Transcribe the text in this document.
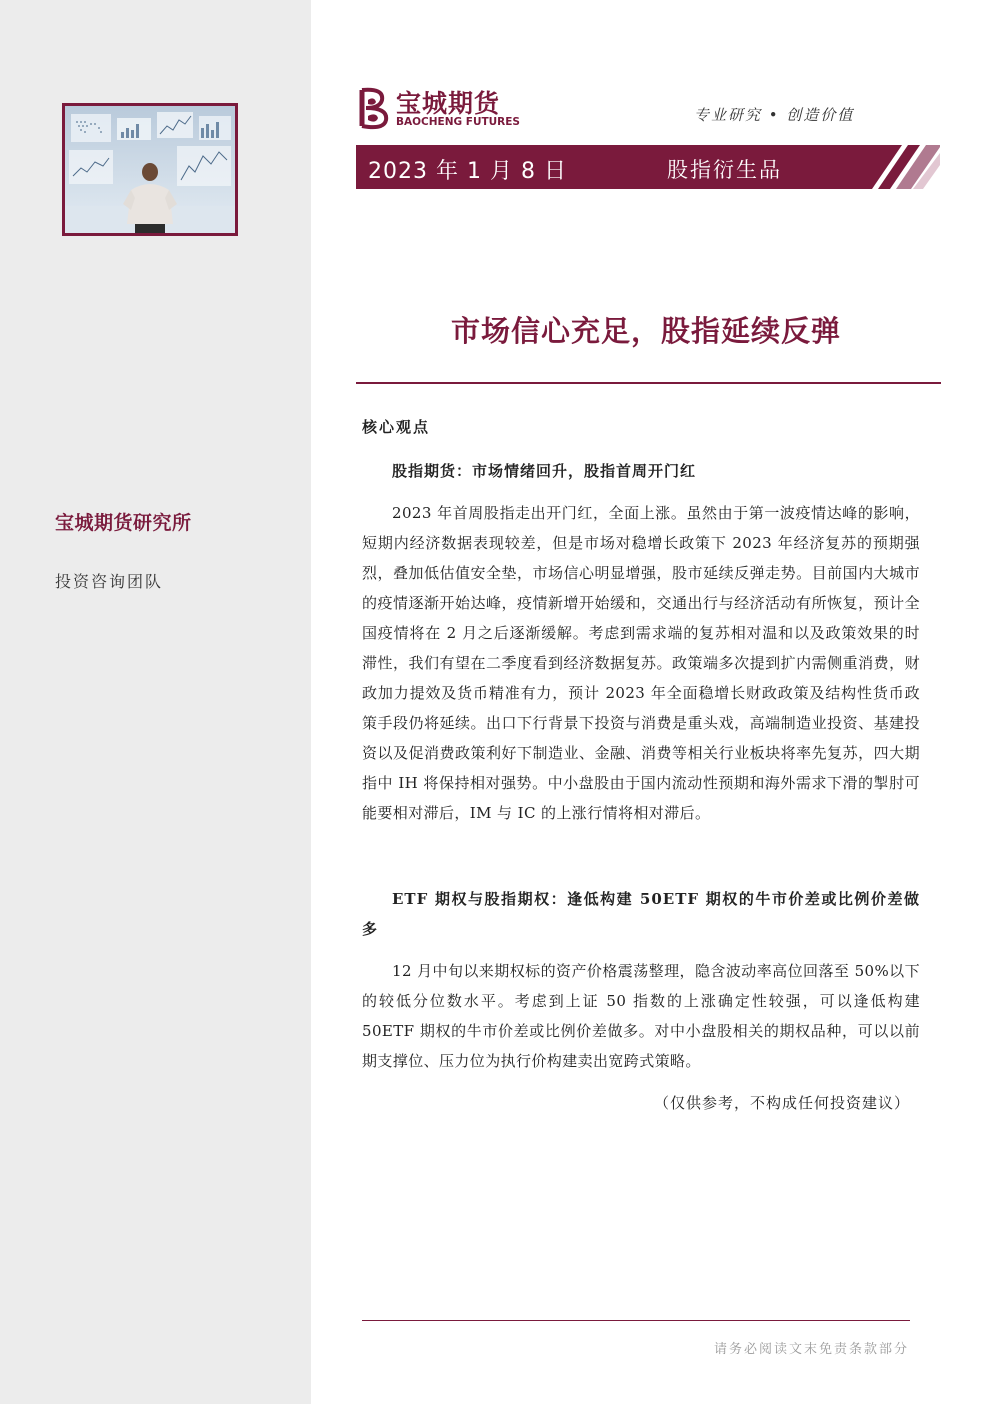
宝城期货研究所
投资咨询团队
宝城期货
BAOCHENG FUTURES	专业研究 • 创造价值
2023 年 1 月 8 日	股指衍生品
市场信心充足，股指延续反弹

核心观点

股指期货：市场情绪回升，股指首周开门红

2023 年首周股指走出开门红，全面上涨。虽然由于第一波疫情达峰的影响，短期内经济数据表现较差，但是市场对稳增长政策下 2023 年经济复苏的预期强烈，叠加低估值安全垫，市场信心明显增强，股市延续反弹走势。目前国内大城市的疫情逐渐开始达峰，疫情新增开始缓和，交通出行与经济活动有所恢复，预计全国疫情将在 2 月之后逐渐缓解。考虑到需求端的复苏相对温和以及政策效果的时滞性，我们有望在二季度看到经济数据复苏。政策端多次提到扩内需侧重消费，财政加力提效及货币精准有力，预计 2023 年全面稳增长财政政策及结构性货币政策手段仍将延续。出口下行背景下投资与消费是重头戏，高端制造业投资、基建投资以及促消费政策利好下制造业、金融、消费等相关行业板块将率先复苏，四大期指中 IH 将保持相对强势。中小盘股由于国内流动性预期和海外需求下滑的掣肘可能要相对滞后，IM 与 IC 的上涨行情将相对滞后。

ETF 期权与股指期权：逢低构建 50ETF 期权的牛市价差或比例价差做多

12 月中旬以来期权标的资产价格震荡整理，隐含波动率高位回落至 50%以下的较低分位数水平。考虑到上证 50 指数的上涨确定性较强，可以逢低构建 50ETF 期权的牛市价差或比例价差做多。对中小盘股相关的期权品种，可以以前期支撑位、压力位为执行价构建卖出宽跨式策略。

（仅供参考，不构成任何投资建议）

请务必阅读文末免责条款部分
